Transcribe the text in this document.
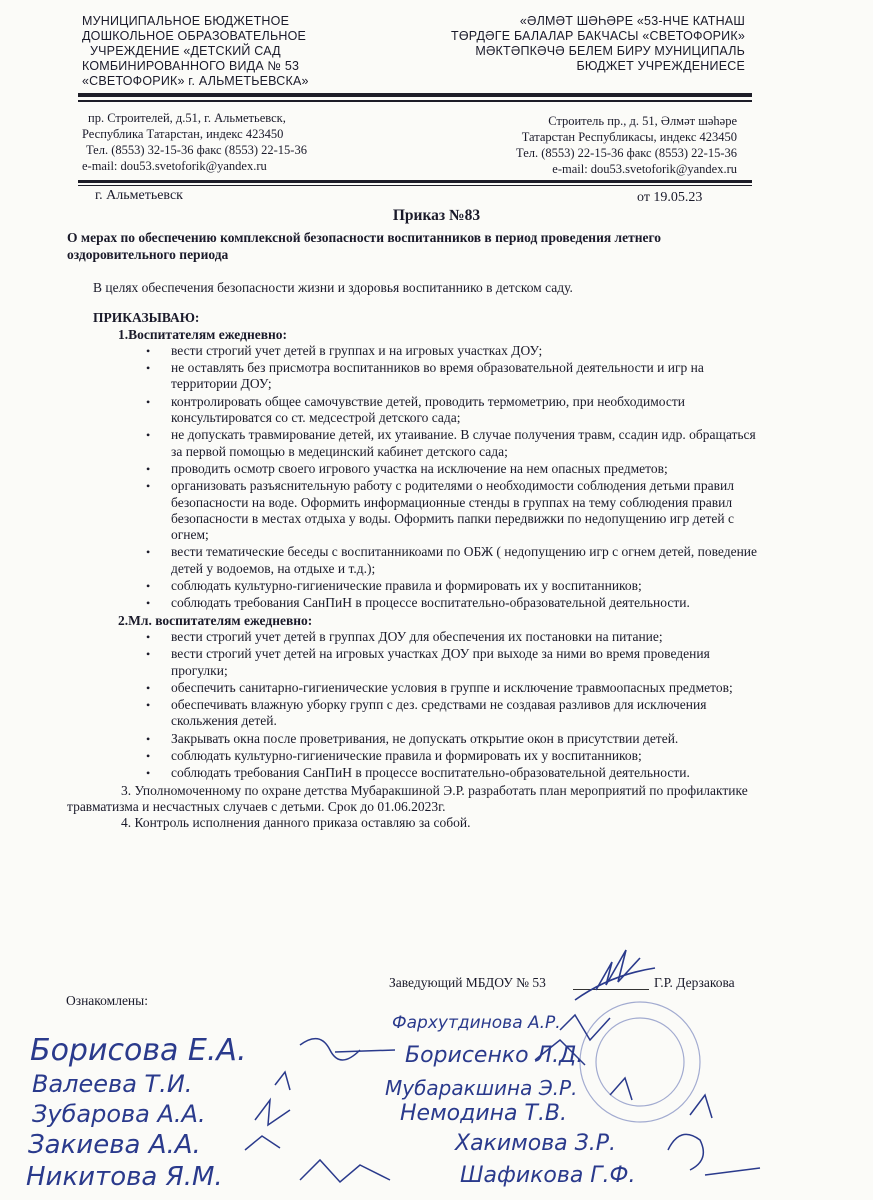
МУНИЦИПАЛЬНОЕ БЮДЖЕТНОЕ
ДОШКОЛЬНОЕ ОБРАЗОВАТЕЛЬНОЕ
УЧРЕЖДЕНИЕ «ДЕТСКИЙ САД
КОМБИНИРОВАННОГО ВИДА № 53
«СВЕТОФОРИК» г. АЛЬМЕТЬЕВСКА»
«ӘЛМӘТ ШӘҺӘРЕ «53-НЧЕ КАТНАШ
ТӨРДӘГЕ БАЛАЛАР БАКЧАСЫ «СВЕТОФОРИК»
МӘКТӘПКӘЧӘ БЕЛЕМ БИРУ МУНИЦИПАЛЬ
БЮДЖЕТ УЧРЕЖДЕНИЕСЕ
пр. Строителей, д.51, г. Альметьевск,
Республика Татарстан, индекс 423450
Тел. (8553) 32-15-36 факс (8553) 22-15-36
e-mail: dou53.svetoforik@yandex.ru
Строитель пр., д. 51, Әлмәт шәһәре
Татарстан Республикасы, индекс 423450
Тел. (8553) 22-15-36 факс (8553) 22-15-36
e-mail: dou53.svetoforik@yandex.ru
г. Альметьевск	от 19.05.23
Приказ №83
О мерах по обеспечению комплексной безопасности воспитанников в период проведения летнего оздоровительного периода

В целях обеспечения безопасности жизни и здоровья воспитаннико в детском саду.

ПРИКАЗЫВАЮ:

1.Воспитателям ежедневно:

• вести строгий учет детей в группах и на игровых участках ДОУ;
• не оставлять без присмотра воспитанников во время образовательной деятельности и игр на территории ДОУ;
• контролировать общее самочувствие детей, проводить термометрию, при необходимости консультироватся со ст. медсестрой детского сада;
• не допускать травмирование детей, их утаивание. В случае получения травм, ссадин идр. обращаться за первой помощью в медецинский кабинет детского сада;
• проводить осмотр своего игрового участка на исключение на нем опасных предметов;
• организовать разъяснительную работу с родителями о необходимости соблюдения детьми правил безопасности на воде. Оформить информационные стенды в группах на тему соблюдения правил безопасности в местах отдыха у воды. Оформить папки передвижки по недопущению игр детей с огнем;
• вести тематические беседы с воспитанникоами по ОБЖ ( недопущению игр с огнем детей, поведение детей у водоемов, на отдыхе и т.д.);
• соблюдать культурно-гигиенические правила и формировать их у воспитанников;
• соблюдать требования СанПиН в процессе воспитательно-образовательной деятельности.

2.Мл. воспитателям ежедневно:

• вести строгий учет детей в группах ДОУ для обеспечения их постановки на питание;
• вести строгий учет детей на игровых участках ДОУ при выходе за ними во время проведения прогулки;
• обеспечить санитарно-гигиенические условия в группе и исключение травмоопасных предметов;
• обеспечивать влажную уборку групп с дез. средствами не создавая разливов для исключения скольжения детей.
• Закрывать окна после проветривания, не допускать открытие окон в присутствии детей.
• соблюдать культурно-гигиенические правила и формировать их у воспитанников;
• соблюдать требования СанПиН в процессе воспитательно-образовательной деятельности.

3. Уполномоченному по охране детства Мубаракшиной Э.Р. разработать план мероприятий по профилактике травматизма и несчастных случаев с детьми. Срок до 01.06.2023г.

4. Контроль исполнения данного приказа оставляю за собой.

Заведующий МБДОУ № 53	Г.Р. Дерзакова
Ознакомлены:
Борисова Е.А.
Валеева Т.И.
Зубарова А.А.
Закиева А.А.
Никитова Я.М.
Фархутдинова А.Р.
Борисенко Л.Д.
Мубаракшина Э.Р.
Немодина Т.В.
Хакимова З.Р.
Шафикова Г.Ф.
